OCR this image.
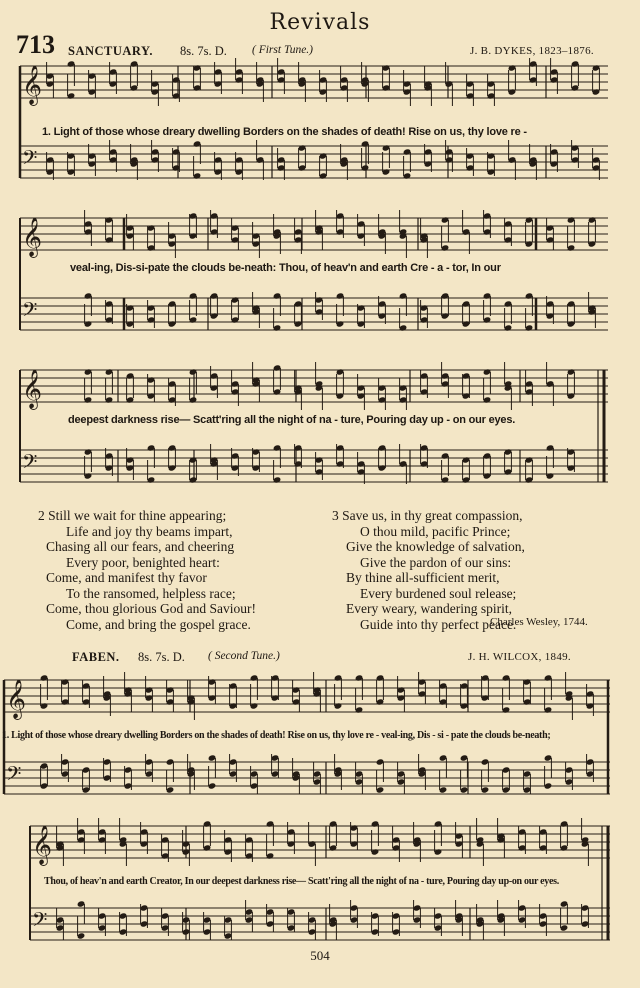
Revivals
713 SANCTUARY. 8s. 7s. D. ( First Tune.)	J. B. DYKES, 1823–1876.
𝄞
𝄢
1. Light of those whose dreary dwelling Borders on the shades of death! Rise on us, thy love re -
𝄞
𝄢
veal-ing, Dis-si-pate the clouds be-neath: Thou, of heav'n and earth Cre - a - tor, In our
𝄞
𝄢
deepest darkness rise— Scatt'ring all the night of na - ture, Pouring day up - on our eyes.
2 Still we wait for thine appearing;
Life and joy thy beams impart,
Chasing all our fears, and cheering
Every poor, benighted heart:
Come, and manifest thy favor
To the ransomed, helpless race;
Come, thou glorious God and Saviour!
Come, and bring the gospel grace.
3 Save us, in thy great compassion,
O thou mild, pacific Prince;
Give the knowledge of salvation,
Give the pardon of our sins:
By thine all-sufficient merit,
Every burdened soul release;
Every weary, wandering spirit,
Guide into thy perfect peace.
Charles Wesley, 1744.
FABEN. 8s. 7s. D. ( Second Tune.)	J. H. WILCOX, 1849.
𝄞
𝄢
1. Light of those whose dreary dwelling Borders on the shades of death! Rise on us, thy love re - veal-ing, Dis - si - pate the clouds be-neath;
𝄞
𝄢
Thou, of heav'n and earth Creator, In our deepest darkness rise— Scatt'ring all the night of na - ture, Pouring day up-on our eyes.
504
